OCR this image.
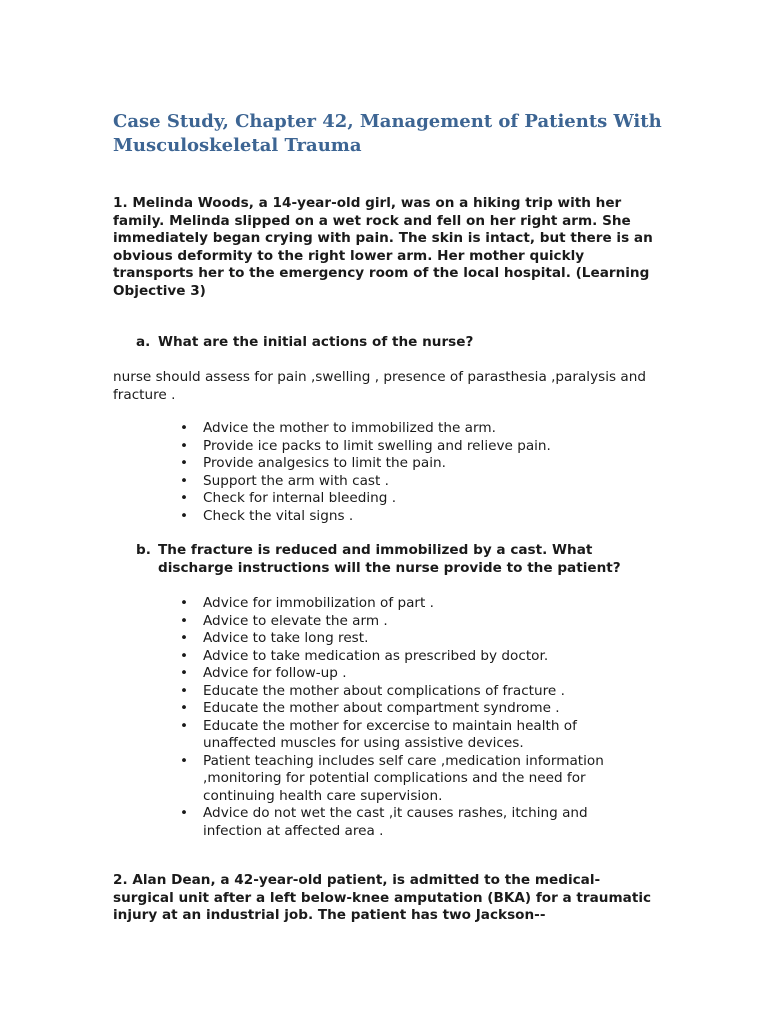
Case Study, Chapter 42, Management of Patients With Musculoskeletal Trauma
1. Melinda Woods, a 14-year-old girl, was on a hiking trip with her family. Melinda slipped on a wet rock and fell on her right arm. She immediately began crying with pain. The skin is intact, but there is an obvious deformity to the right lower arm. Her mother quickly transports her to the emergency room of the local hospital. (Learning Objective 3)
a. What are the initial actions of the nurse?
nurse should assess for pain ,swelling , presence of parasthesia ,paralysis and fracture .
• Advice the mother to immobilized the arm.
• Provide ice packs to limit swelling and relieve pain.
• Provide analgesics to limit the pain.
• Support the arm with cast .
• Check for internal bleeding .
• Check the vital signs .
b. The fracture is reduced and immobilized by a cast. What discharge instructions will the nurse provide to the patient?
• Advice for immobilization of part .
• Advice to elevate the arm .
• Advice to take long rest.
• Advice to take medication as prescribed by doctor.
• Advice for follow-up .
• Educate the mother about complications of fracture .
• Educate the mother about compartment syndrome .
• Educate the mother for excercise to maintain health of unaffected muscles for using assistive devices.
• Patient teaching includes self care ,medication information ,monitoring for potential complications and the need for continuing health care supervision.
• Advice do not wet the cast ,it causes rashes, itching and infection at affected area .
2. Alan Dean, a 42-year-old patient, is admitted to the medical-surgical unit after a left below-knee amputation (BKA) for a traumatic injury at an industrial job. The patient has two Jackson--
